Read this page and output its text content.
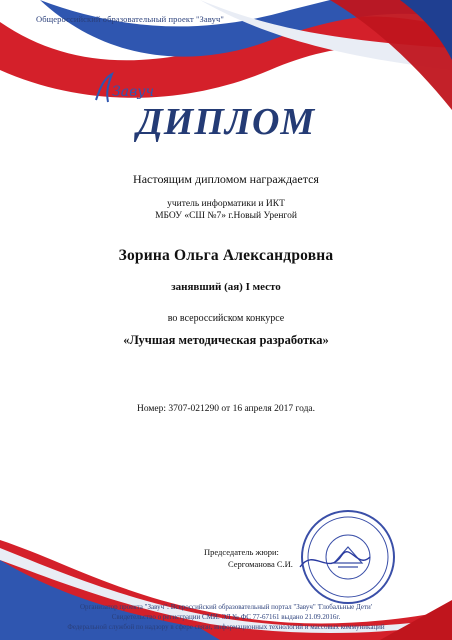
Общероссийский образовательный проект "Завуч"
Завуч
ДИПЛОМ
Настоящим дипломом награждается
учитель информатики и ИКТ
МБОУ «СШ №7» г.Новый Уренгой
Зорина Ольга Александровна
занявший (ая) I место
во всероссийском конкурсе
«Лучшая методическая разработка»
Номер: 3707-021290 от 16 апреля 2017 года.
Председатель жюри:
Сергоманова С.И.
Организатор проекта "Завуч": Всероссийский образовательный портал "Завуч" 'Глобальные Дети'
Свидетельство о регистрации СМИ: ЭЛ № ФС 77-67161 выдано 21.09.2016г.
Федеральной службой по надзору в сфере связи, информационных технологий и массовых коммуникаций
